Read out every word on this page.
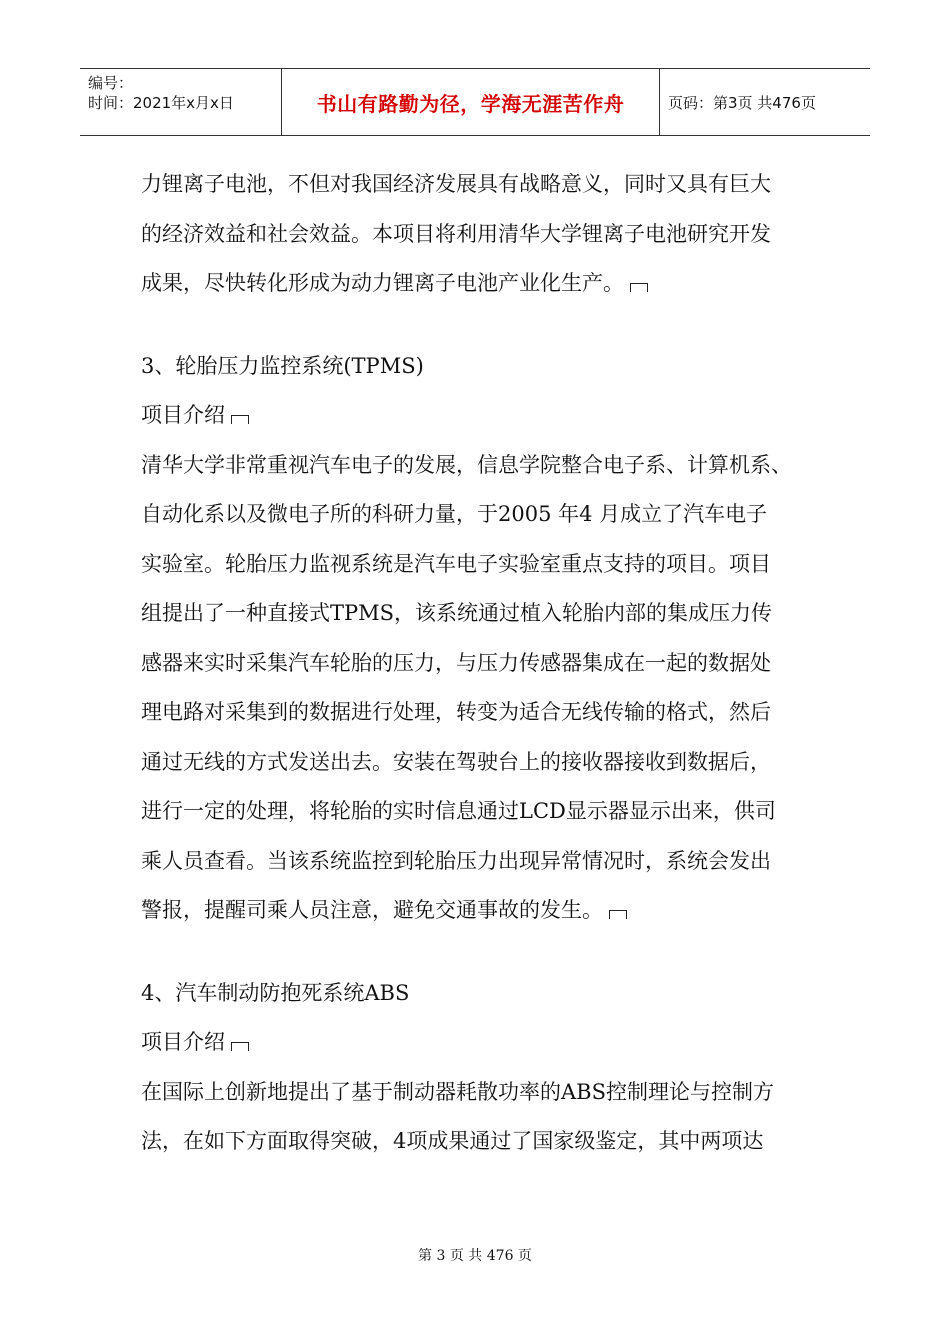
编号：
时间：2021年x月x日	书山有路勤为径，学海无涯苦作舟	页码：第3页 共476页
力锂离子电池，不但对我国经济发展具有战略意义，同时又具有巨大
的经济效益和社会效益。本项目将利用清华大学锂离子电池研究开发
成果，尽快转化形成为动力锂离子电池产业化生产。
3、轮胎压力监控系统(TPMS)
项目介绍
清华大学非常重视汽车电子的发展，信息学院整合电子系、计算机系、
自动化系以及微电子所的科研力量，于2005 年4 月成立了汽车电子
实验室。轮胎压力监视系统是汽车电子实验室重点支持的项目。项目
组提出了一种直接式TPMS，该系统通过植入轮胎内部的集成压力传
感器来实时采集汽车轮胎的压力，与压力传感器集成在一起的数据处
理电路对采集到的数据进行处理，转变为适合无线传输的格式，然后
通过无线的方式发送出去。安装在驾驶台上的接收器接收到数据后，
进行一定的处理，将轮胎的实时信息通过LCD显示器显示出来，供司
乘人员查看。当该系统监控到轮胎压力出现异常情况时，系统会发出
警报，提醒司乘人员注意，避免交通事故的发生。
4、汽车制动防抱死系统ABS
项目介绍
在国际上创新地提出了基于制动器耗散功率的ABS控制理论与控制方
法，在如下方面取得突破，4项成果通过了国家级鉴定，其中两项达
第 3 页 共 476 页
